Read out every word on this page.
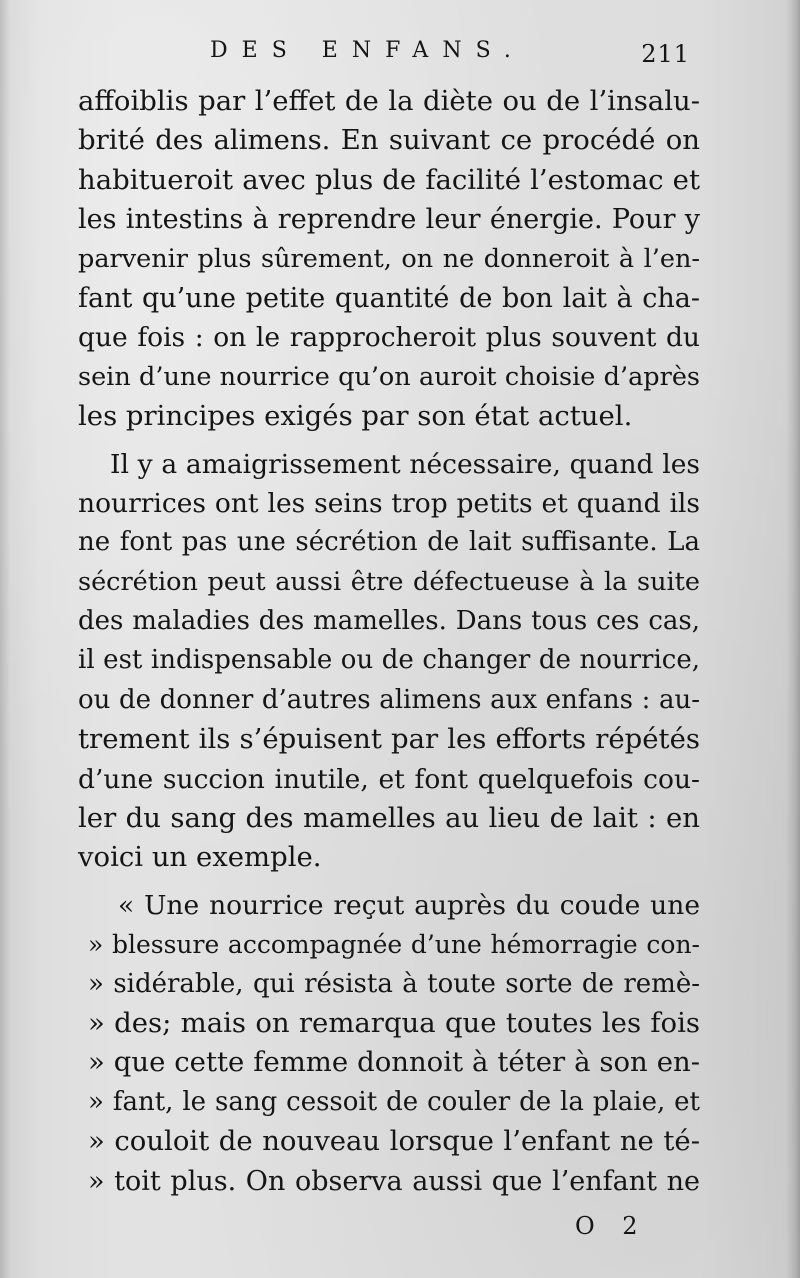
DES ENFANS.	211
affoiblis par l’effet de la diète ou de l’insalu-
brité des alimens. En suivant ce procédé on
habitueroit avec plus de facilité l’estomac et
les intestins à reprendre leur énergie. Pour y
parvenir plus sûrement, on ne donneroit à l’en-
fant qu’une petite quantité de bon lait à cha-
que fois : on le rapprocheroit plus souvent du
sein d’une nourrice qu’on auroit choisie d’après
les principes exigés par son état actuel.
Il y a amaigrissement nécessaire, quand les
nourrices ont les seins trop petits et quand ils
ne font pas une sécrétion de lait suffisante. La
sécrétion peut aussi être défectueuse à la suite
des maladies des mamelles. Dans tous ces cas,
il est indispensable ou de changer de nourrice,
ou de donner d’autres alimens aux enfans : au-
trement ils s’épuisent par les efforts répétés
d’une succion inutile, et font quelquefois cou-
ler du sang des mamelles au lieu de lait : en
voici un exemple.
« Une nourrice reçut auprès du coude une
» blessure accompagnée d’une hémorragie con-
» sidérable, qui résista à toute sorte de remè-
» des; mais on remarqua que toutes les fois
» que cette femme donnoit à téter à son en-
» fant, le sang cessoit de couler de la plaie, et
» couloit de nouveau lorsque l’enfant ne té-
» toit plus. On observa aussi que l’enfant ne
O 2
